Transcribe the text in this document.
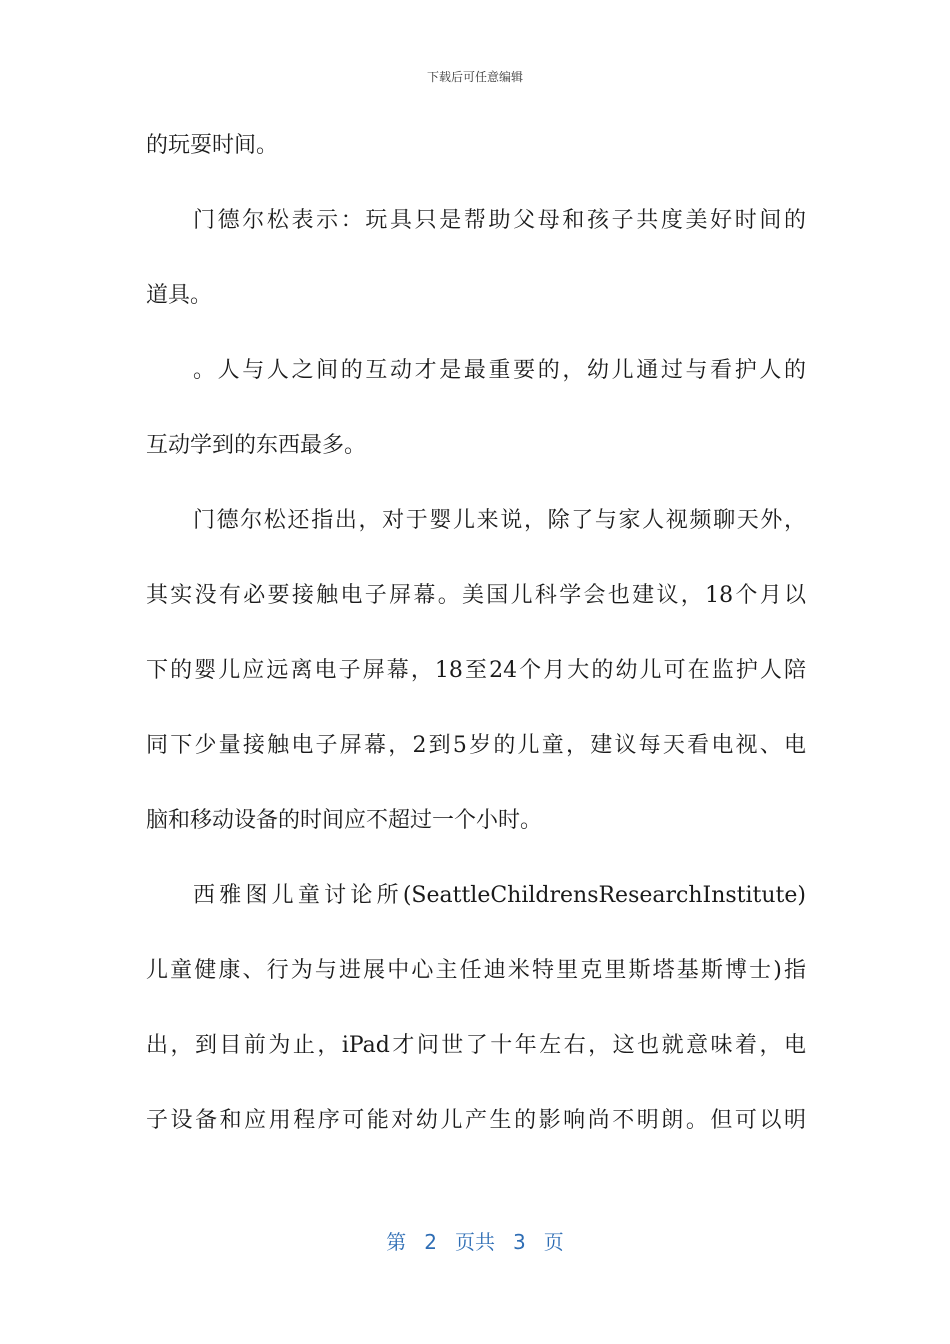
下载后可任意编辑
的玩耍时间。
门德尔松表示：玩具只是帮助父母和孩子共度美好时间的
道具。
。人与人之间的互动才是最重要的，幼儿通过与看护人的
互动学到的东西最多。
门德尔松还指出，对于婴儿来说，除了与家人视频聊天外，
其实没有必要接触电子屏幕。美国儿科学会也建议，18个月以
下的婴儿应远离电子屏幕，18至24个月大的幼儿可在监护人陪
同下少量接触电子屏幕，2到5岁的儿童，建议每天看电视、电
脑和移动设备的时间应不超过一个小时。
西雅图儿童讨论所(SeattleChildrensResearchInstitute)
儿童健康、行为与进展中心主任迪米特里克里斯塔基斯博士)指
出，到目前为止，iPad才问世了十年左右，这也就意味着，电
子设备和应用程序可能对幼儿产生的影响尚不明朗。但可以明
第 2 页共 3 页
